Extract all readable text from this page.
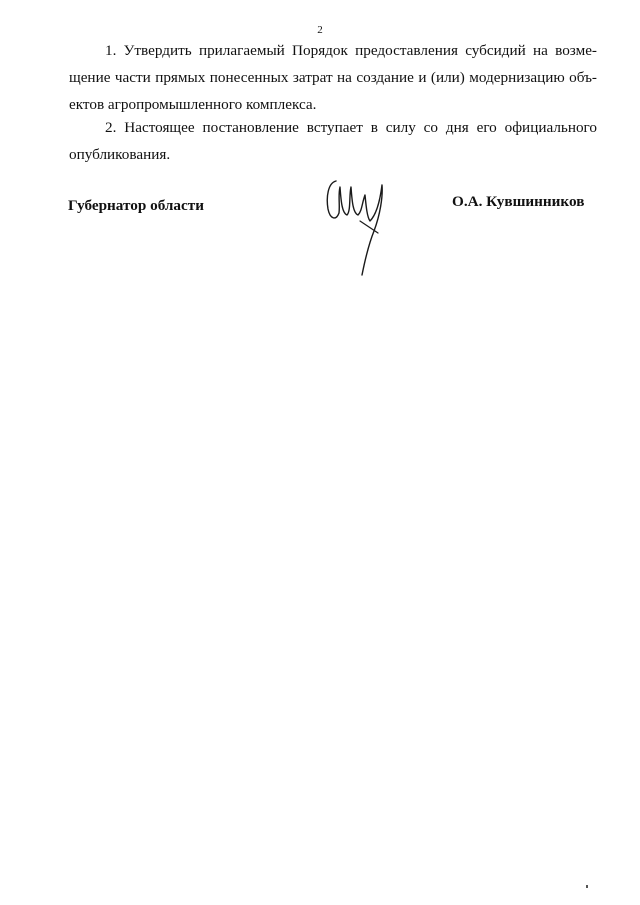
2

1. Утвердить прилагаемый Порядок предоставления субсидий на возме-
щение части прямых понесенных затрат на создание и (или) модернизацию объ-
ектов агропромышленного комплекса.

2. Настоящее постановление вступает в силу со дня его официального
опубликования.

Губернатор области	О.А. Кувшинников
